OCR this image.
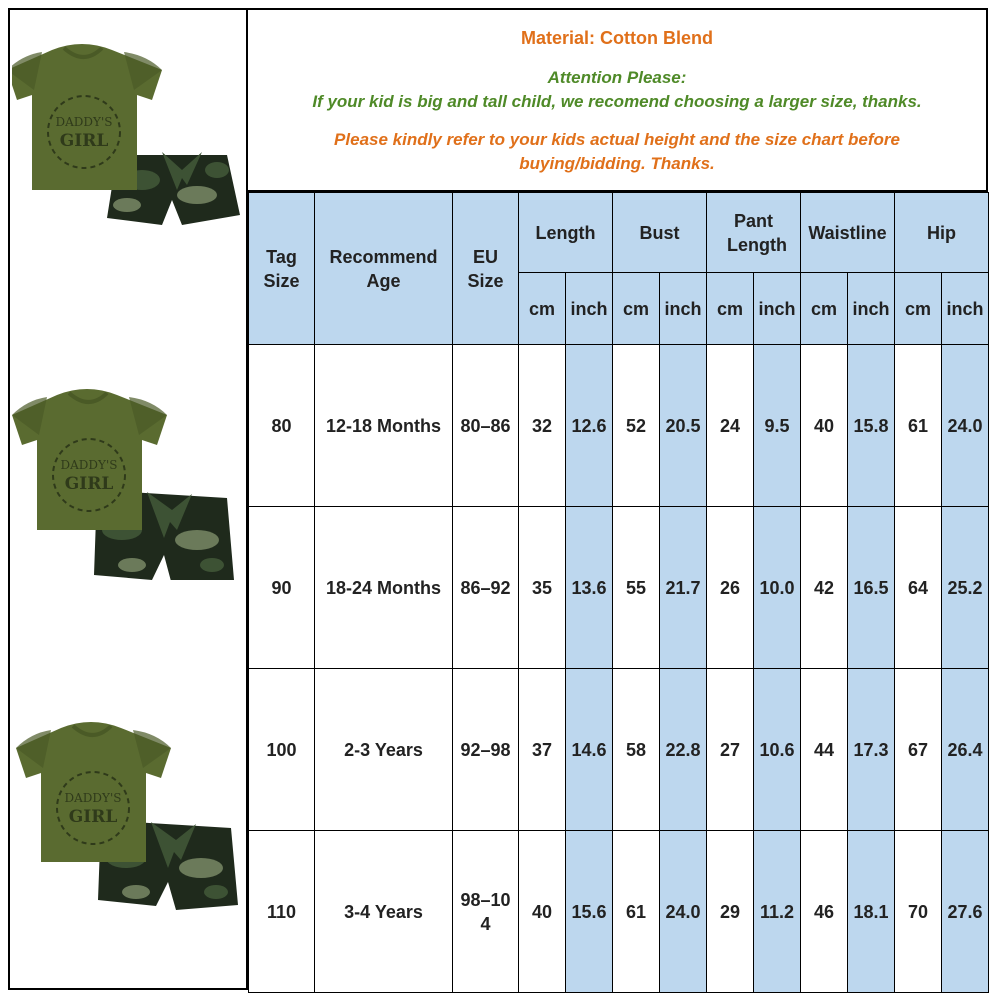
DADDY'S
GIRL
DADDY'S
GIRL
DADDY'S
GIRL
Material: Cotton Blend
Attention Please:
If your kid is big and tall child, we recomend choosing a larger size, thanks.
Please kindly refer to your kids actual height and the size chart before
buying/bidding. Thanks.
Tag Size	Recommend Age	EU Size	Length		Bust		Pant Length		Waistline		Hip	
			cm	inch	cm	inch	cm	inch	cm	inch	cm	inch
80	12-18 Months	80–86	32	12.6	52	20.5	24	9.5	40	15.8	61	24.0
90	18-24 Months	86–92	35	13.6	55	21.7	26	10.0	42	16.5	64	25.2
100	2-3 Years	92–98	37	14.6	58	22.8	27	10.6	44	17.3	67	26.4
110	3-4 Years	98–104	40	15.6	61	24.0	29	11.2	46	18.1	70	27.6
